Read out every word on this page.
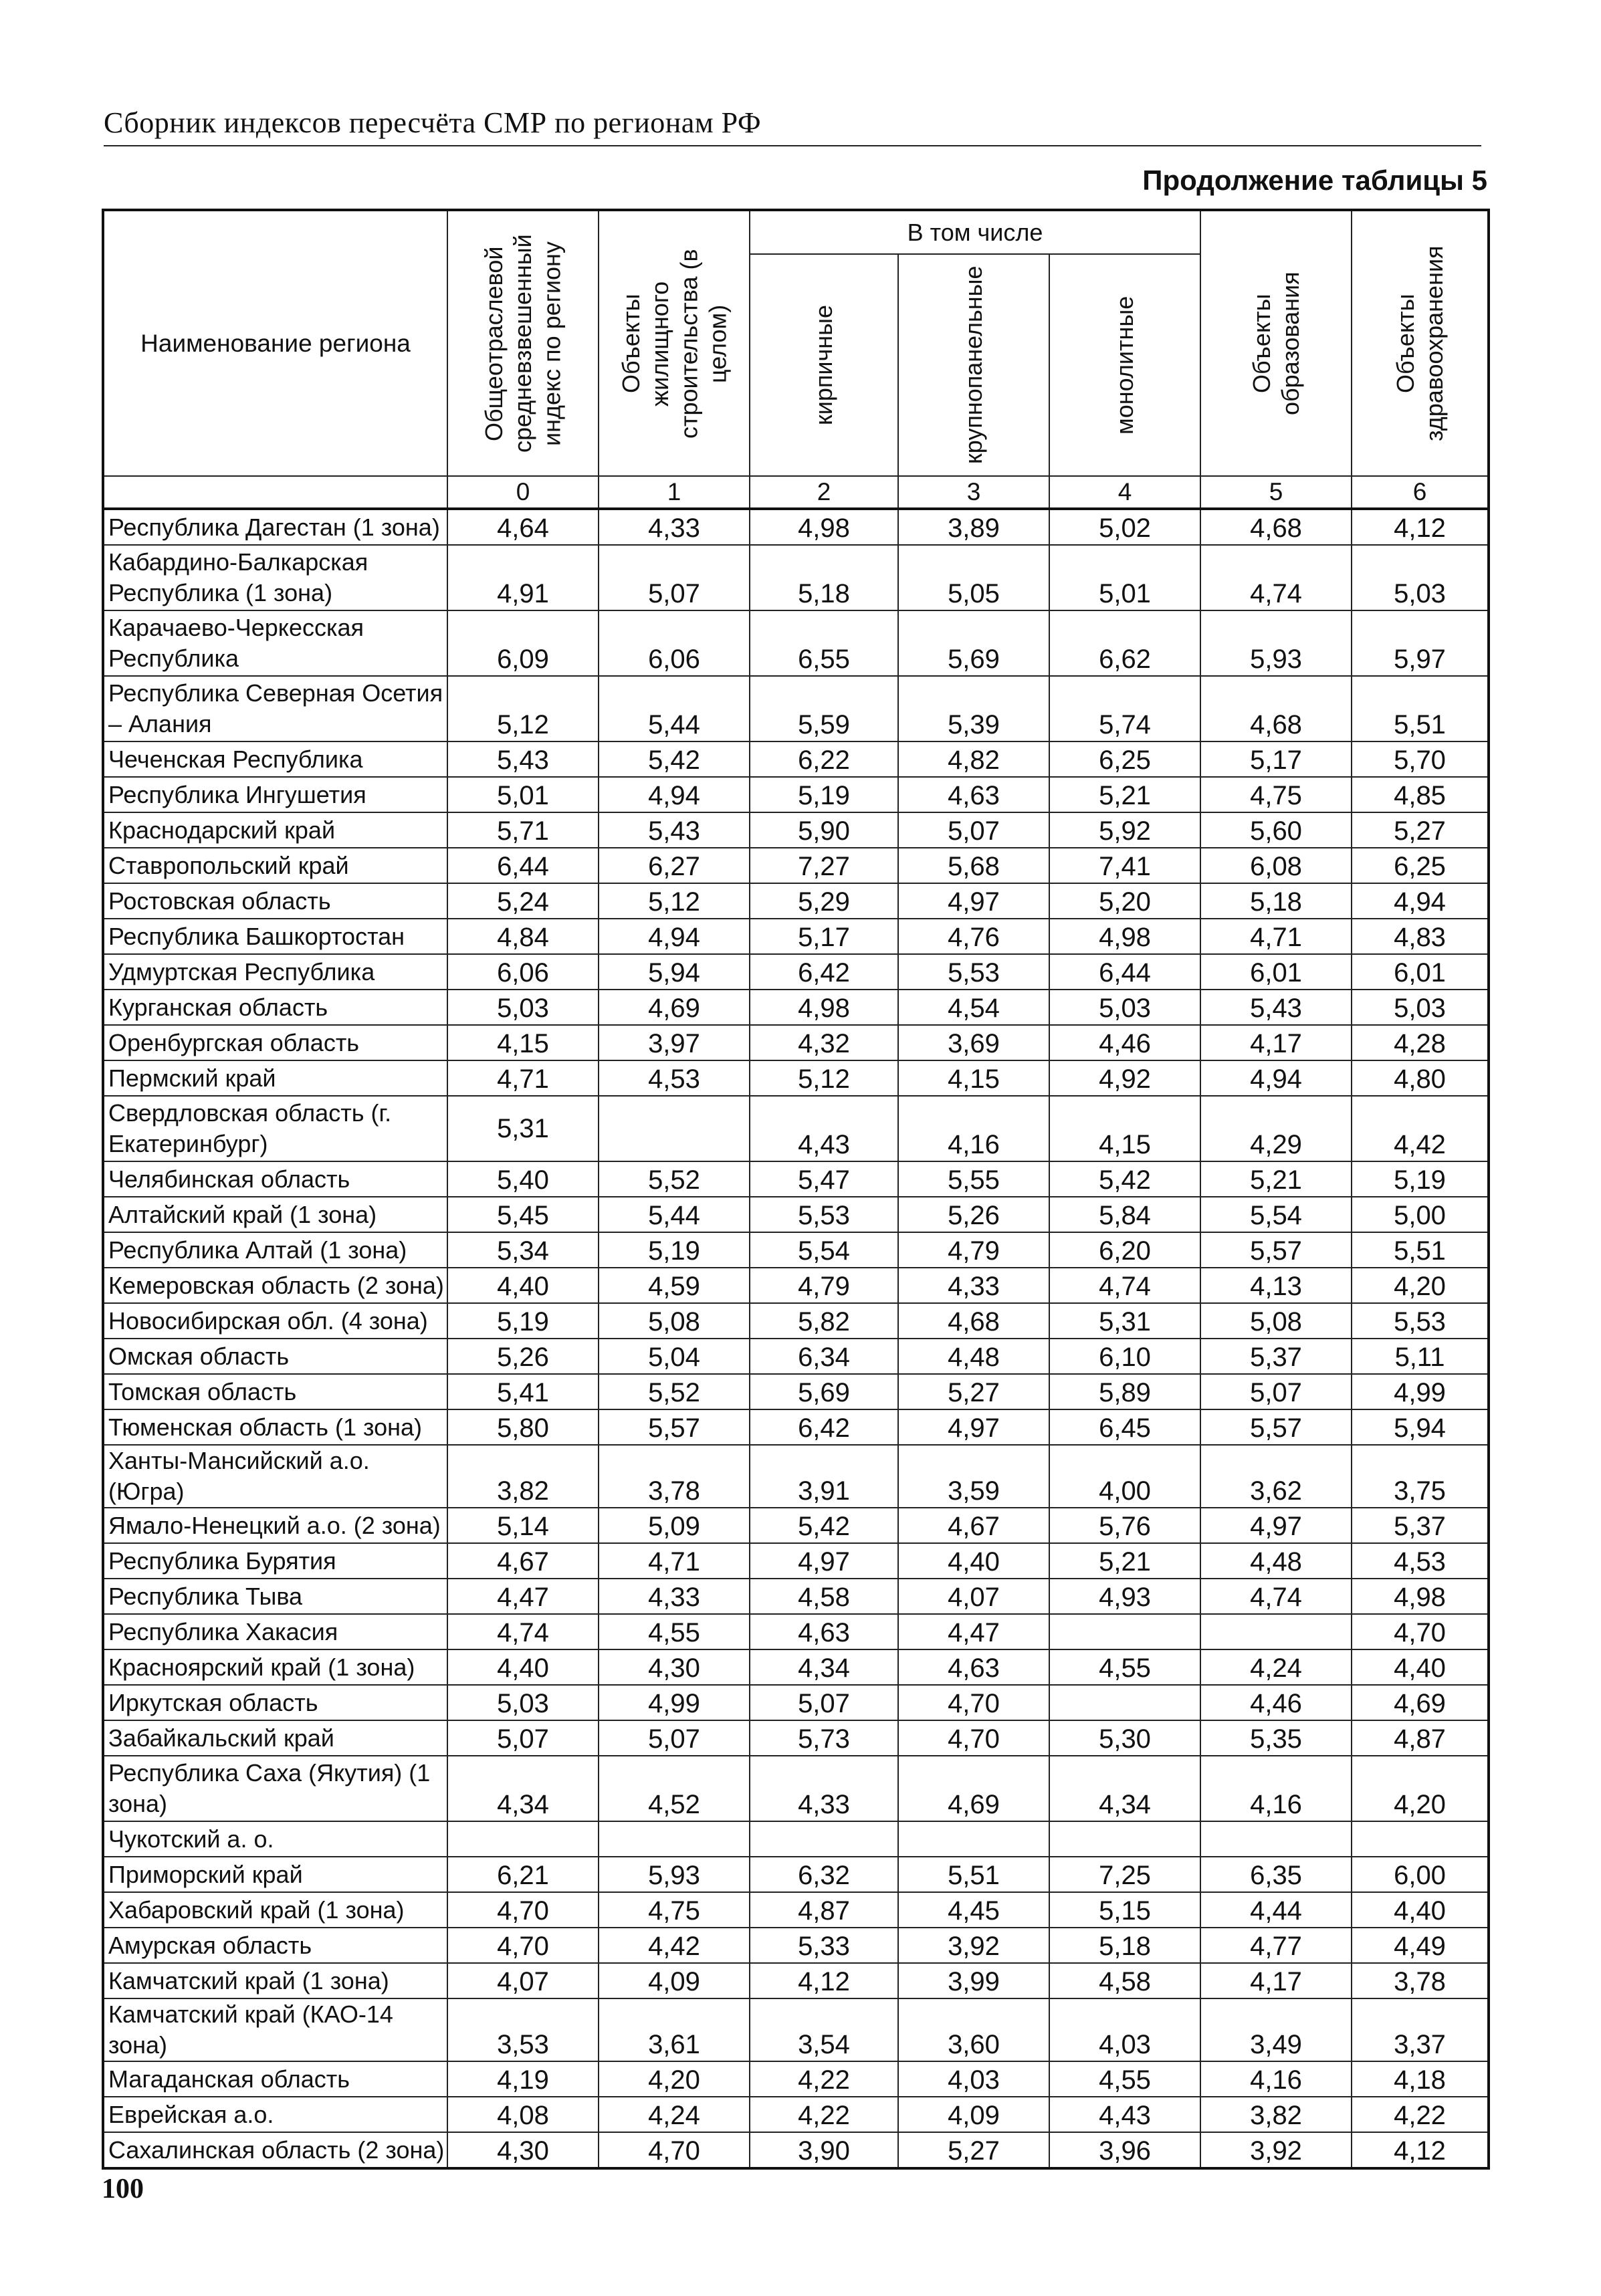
Сборник индексов пересчёта СМР по регионам РФ
Продолжение таблицы 5
Наименование региона	Общеотраслевой средневзвешенный индекс по региону	Объекты жилищного строительства (в целом)	В том числе			Объекты образования	Объекты здравоохранения

кирпичные	крупнопанельные	монолитные		

	0	1	2	3	4	5	6
Республика Дагестан (1 зона)	4,64	4,33	4,98	3,89	5,02	4,68	4,12
Кабардино-Балкарская Республика (1 зона)	4,91	5,07	5,18	5,05	5,01	4,74	5,03
Карачаево-Черкесская Республика	6,09	6,06	6,55	5,69	6,62	5,93	5,97
Республика Северная Осетия – Алания	5,12	5,44	5,59	5,39	5,74	4,68	5,51
Чеченская Республика	5,43	5,42	6,22	4,82	6,25	5,17	5,70
Республика Ингушетия	5,01	4,94	5,19	4,63	5,21	4,75	4,85
Краснодарский край	5,71	5,43	5,90	5,07	5,92	5,60	5,27
Ставропольский край	6,44	6,27	7,27	5,68	7,41	6,08	6,25
Ростовская область	5,24	5,12	5,29	4,97	5,20	5,18	4,94
Республика Башкортостан	4,84	4,94	5,17	4,76	4,98	4,71	4,83
Удмуртская Республика	6,06	5,94	6,42	5,53	6,44	6,01	6,01
Курганская область	5,03	4,69	4,98	4,54	5,03	5,43	5,03
Оренбургская область	4,15	3,97	4,32	3,69	4,46	4,17	4,28
Пермский край	4,71	4,53	5,12	4,15	4,92	4,94	4,80
Свердловская область (г. Екатеринбург)	5,31		4,43	4,16	4,15	4,29	4,42
Челябинская область	5,40	5,52	5,47	5,55	5,42	5,21	5,19
Алтайский край (1 зона)	5,45	5,44	5,53	5,26	5,84	5,54	5,00
Республика Алтай (1 зона)	5,34	5,19	5,54	4,79	6,20	5,57	5,51
Кемеровская область (2 зона)	4,40	4,59	4,79	4,33	4,74	4,13	4,20
Новосибирская обл. (4 зона)	5,19	5,08	5,82	4,68	5,31	5,08	5,53
Омская область	5,26	5,04	6,34	4,48	6,10	5,37	5,11
Томская область	5,41	5,52	5,69	5,27	5,89	5,07	4,99
Тюменская область (1 зона)	5,80	5,57	6,42	4,97	6,45	5,57	5,94
Ханты-Мансийский а.о. (Югра)	3,82	3,78	3,91	3,59	4,00	3,62	3,75
Ямало-Ненецкий а.о. (2 зона)	5,14	5,09	5,42	4,67	5,76	4,97	5,37
Республика Бурятия	4,67	4,71	4,97	4,40	5,21	4,48	4,53
Республика Тыва	4,47	4,33	4,58	4,07	4,93	4,74	4,98
Республика Хакасия	4,74	4,55	4,63	4,47			4,70
Красноярский край (1 зона)	4,40	4,30	4,34	4,63	4,55	4,24	4,40
Иркутская область	5,03	4,99	5,07	4,70		4,46	4,69
Забайкальский край	5,07	5,07	5,73	4,70	5,30	5,35	4,87
Республика Саха (Якутия) (1 зона)	4,34	4,52	4,33	4,69	4,34	4,16	4,20
Чукотский а. о.							
Приморский край	6,21	5,93	6,32	5,51	7,25	6,35	6,00
Хабаровский край (1 зона)	4,70	4,75	4,87	4,45	5,15	4,44	4,40
Амурская область	4,70	4,42	5,33	3,92	5,18	4,77	4,49
Камчатский край (1 зона)	4,07	4,09	4,12	3,99	4,58	4,17	3,78
Камчатский край (КАО-14 зона)	3,53	3,61	3,54	3,60	4,03	3,49	3,37
Магаданская область	4,19	4,20	4,22	4,03	4,55	4,16	4,18
Еврейская а.о.	4,08	4,24	4,22	4,09	4,43	3,82	4,22
Сахалинская область (2 зона)	4,30	4,70	3,90	5,27	3,96	3,92	4,12
100
